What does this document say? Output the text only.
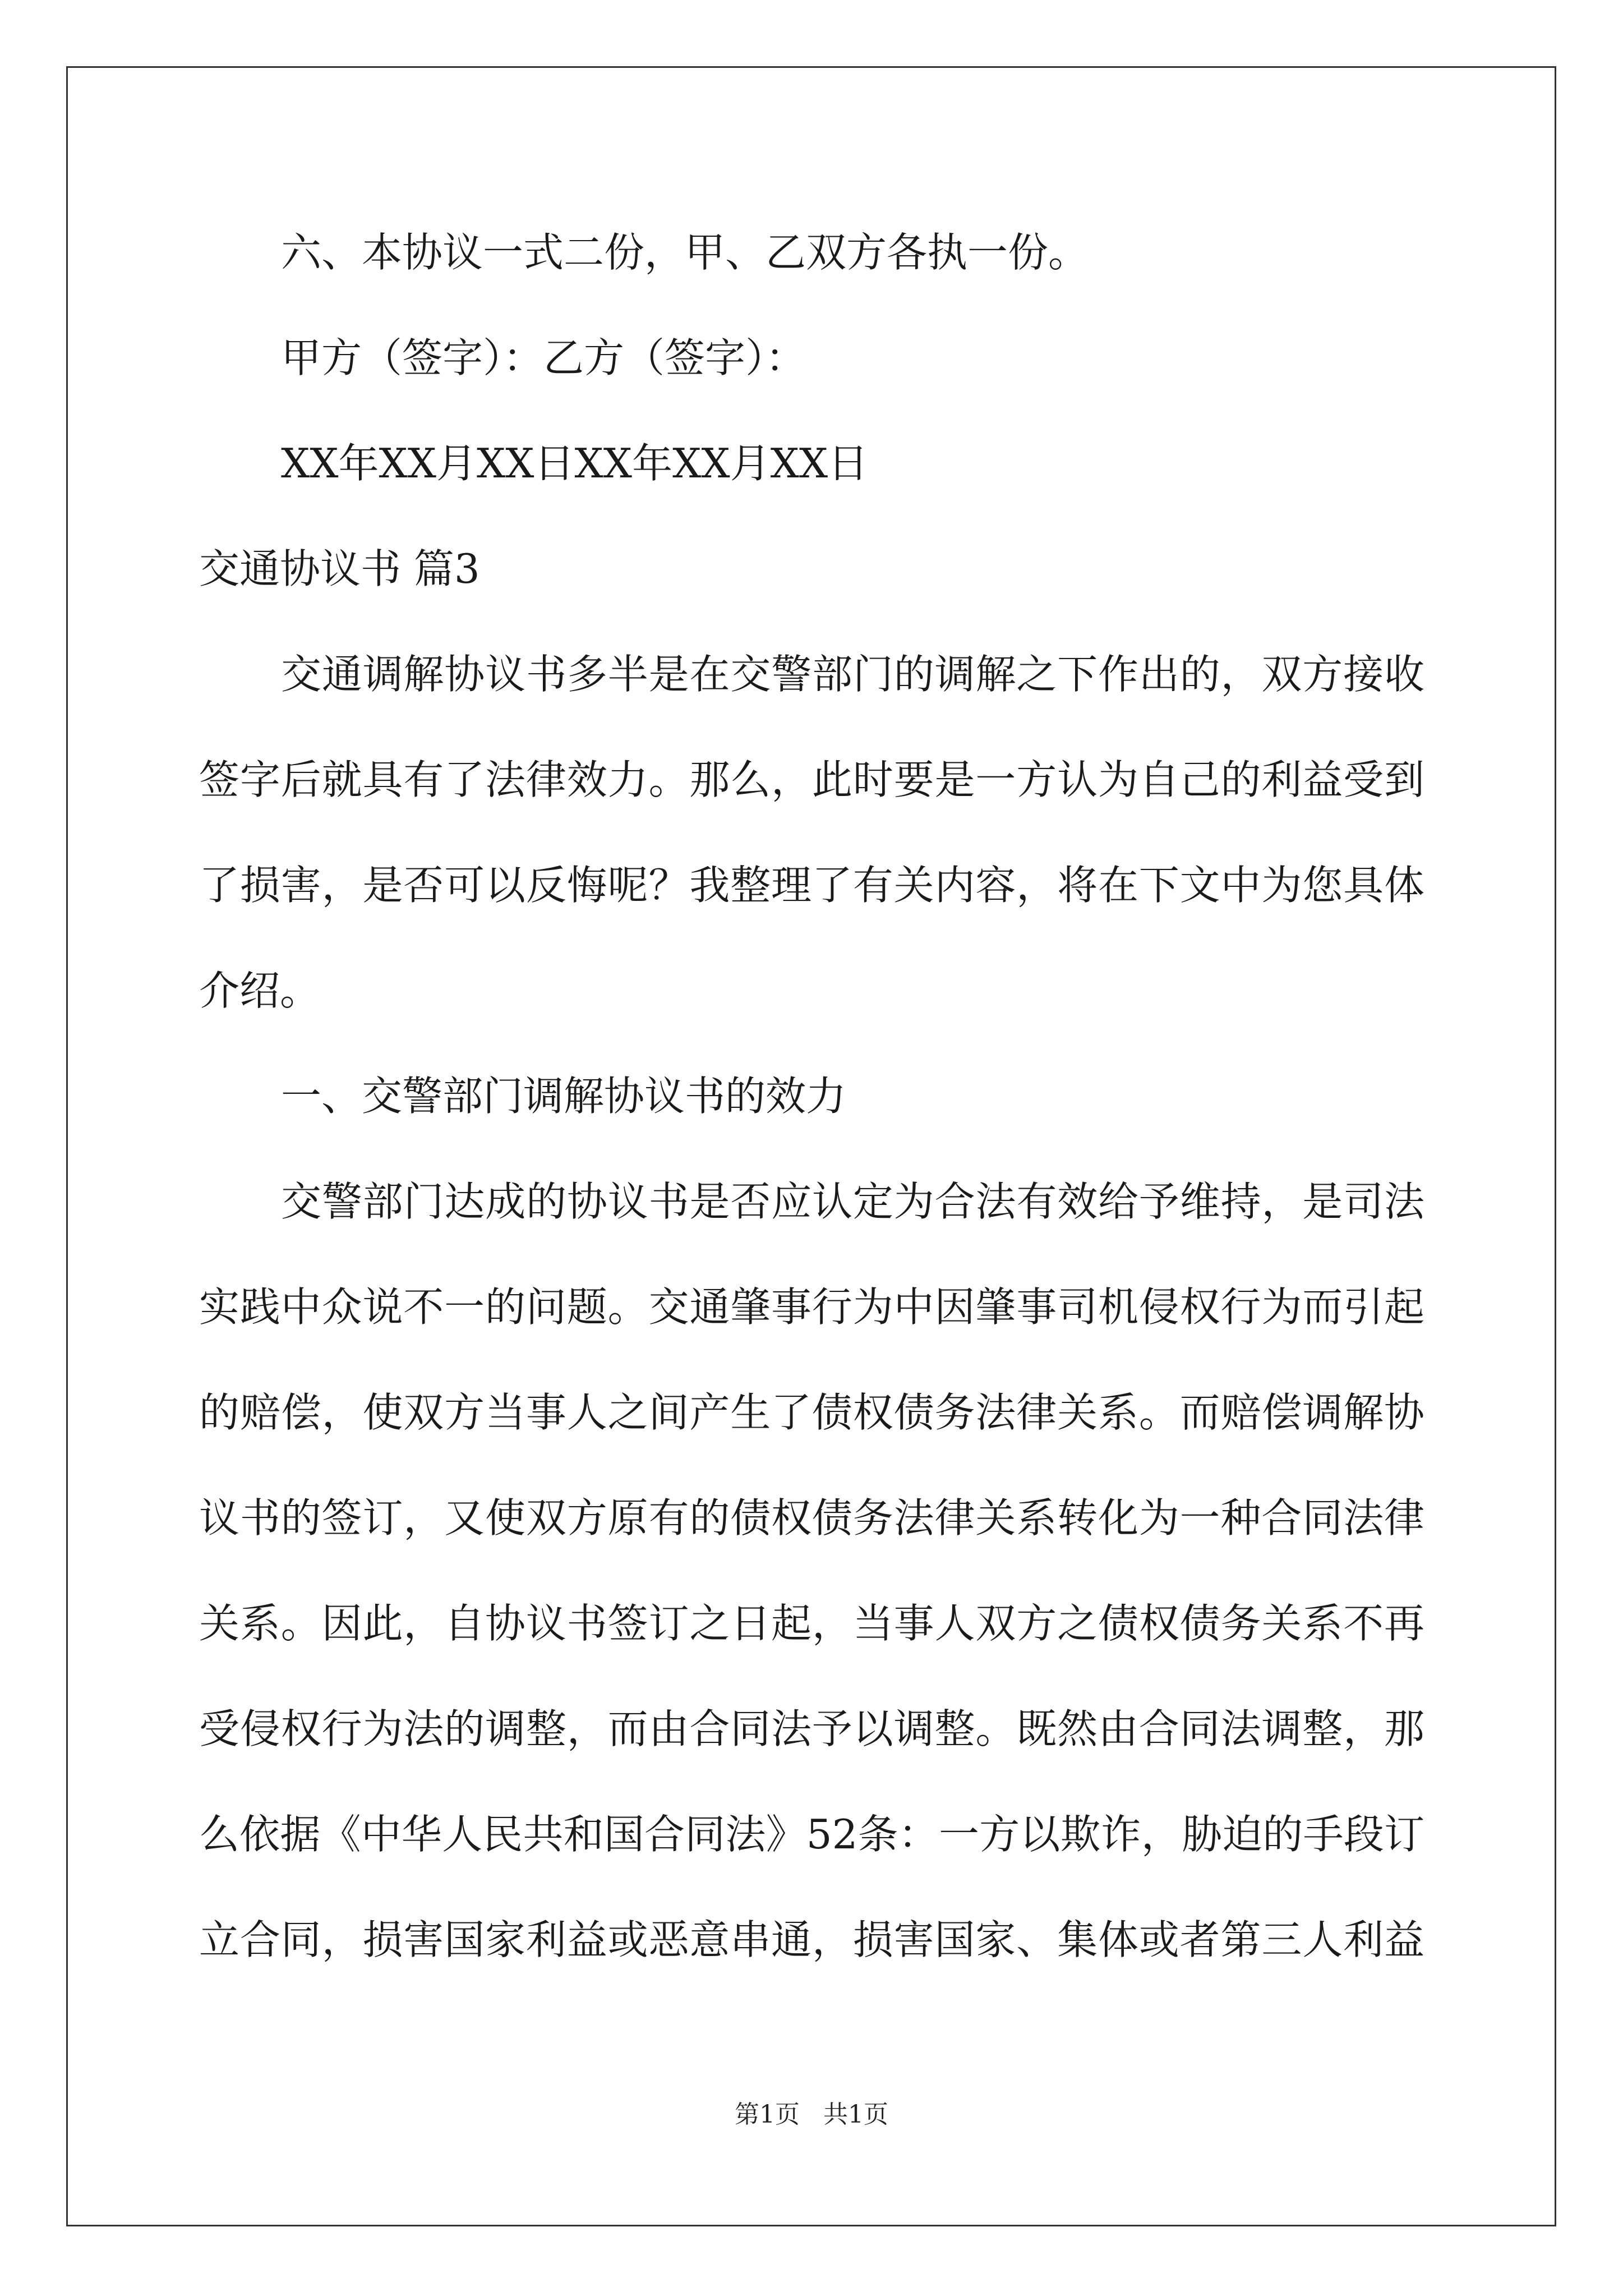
六、本协议一式二份，甲、乙双方各执一份。
甲方（签字）：乙方（签字）：
XX年XX月XX日XX年XX月XX日
交通协议书 篇3
交通调解协议书多半是在交警部门的调解之下作出的，双方接收
签字后就具有了法律效力。那么，此时要是一方认为自己的利益受到
了损害，是否可以反悔呢？我整理了有关内容，将在下文中为您具体
介绍。
一、交警部门调解协议书的效力
交警部门达成的协议书是否应认定为合法有效给予维持，是司法
实践中众说不一的问题。交通肇事行为中因肇事司机侵权行为而引起
的赔偿，使双方当事人之间产生了债权债务法律关系。而赔偿调解协
议书的签订，又使双方原有的债权债务法律关系转化为一种合同法律
关系。因此，自协议书签订之日起，当事人双方之债权债务关系不再
受侵权行为法的调整，而由合同法予以调整。既然由合同法调整，那
么依据《中华人民共和国合同法》52条：一方以欺诈，胁迫的手段订
立合同，损害国家利益或恶意串通，损害国家、集体或者第三人利益
第1页   共1页
